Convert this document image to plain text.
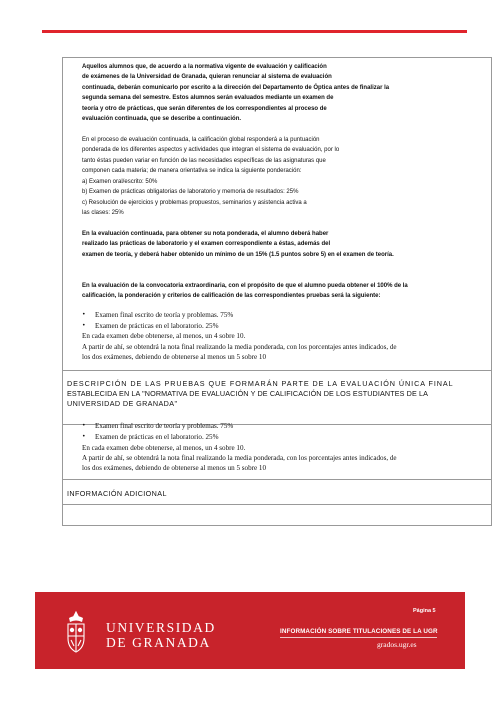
Aquellos alumnos que, de acuerdo a la normativa vigente de evaluación y calificación
de exámenes de la Universidad de Granada, quieran renunciar al sistema de evaluación
continuada, deberán comunicarlo por escrito a la dirección del Departamento de Óptica antes de finalizar la
segunda semana del semestre. Estos alumnos serán evaluados mediante un examen de
teoría y otro de prácticas, que serán diferentes de los correspondientes al proceso de
evaluación continuada, que se describe a continuación.
En el proceso de evaluación continuada, la calificación global responderá a la puntuación
ponderada de los diferentes aspectos y actividades que integran el sistema de evaluación, por lo
tanto éstas pueden variar en función de las necesidades específicas de las asignaturas que
componen cada materia; de manera orientativa se indica la siguiente ponderación:
a) Examen oral/escrito: 50%
b) Examen de prácticas obligatorias de laboratorio y memoria de resultados: 25%
c) Resolución de ejercicios y problemas propuestos, seminarios y asistencia activa a
las clases: 25%
En la evaluación continuada, para obtener su nota ponderada, el alumno deberá haber
realizado las prácticas de laboratorio y el examen correspondiente a éstas, además del
examen de teoría, y deberá haber obtenido un mínimo de un 15% (1.5 puntos sobre 5) en el examen de teoría.
En la evaluación de la convocatoria extraordinaria, con el propósito de que el alumno pueda obtener el 100% de la
calificación, la ponderación y criterios de calificación de las correspondientes pruebas será la siguiente:
• Examen final escrito de teoría y problemas. 75%
• Examen de prácticas en el laboratorio. 25%
En cada examen debe obtenerse, al menos, un 4 sobre 10.
A partir de ahí, se obtendrá la nota final realizando la media ponderada, con los porcentajes antes indicados, de
los dos exámenes, debiendo de obtenerse al menos un 5 sobre 10
DESCRIPCIÓN DE LAS PRUEBAS QUE FORMARÁN PARTE DE LA EVALUACIÓN ÚNICA FINAL
ESTABLECIDA EN LA "NORMATIVA DE EVALUACIÓN Y DE CALIFICACIÓN DE LOS ESTUDIANTES DE LA
UNIVERSIDAD DE GRANADA"
• Examen final escrito de teoría y problemas. 75%
• Examen de prácticas en el laboratorio. 25%
En cada examen debe obtenerse, al menos, un 4 sobre 10.
A partir de ahí, se obtendrá la nota final realizando la media ponderada, con los porcentajes antes indicados, de
los dos exámenes, debiendo de obtenerse al menos un 5 sobre 10
INFORMACIÓN ADICIONAL
UNIVERSIDAD
DE GRANADA
Página 5
INFORMACIÓN SOBRE TITULACIONES DE LA UGR
grados.ugr.es
